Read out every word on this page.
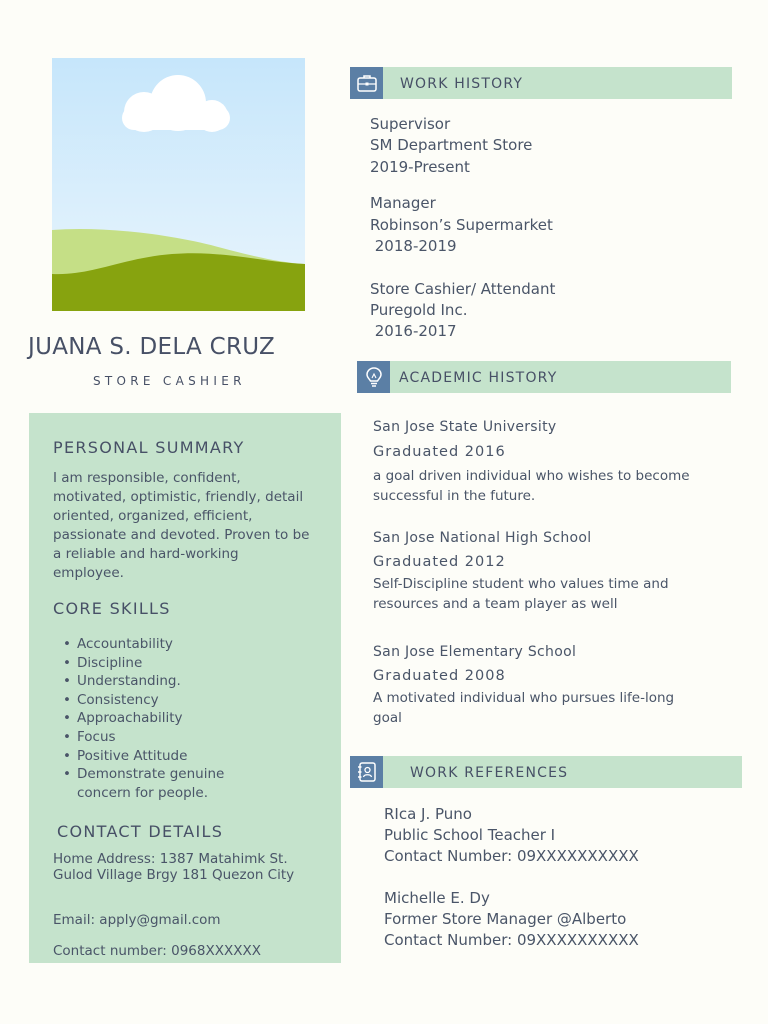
JUANA S. DELA CRUZ
STORE CASHIER
PERSONAL SUMMARY
I am responsible, confident, motivated, optimistic, friendly, detail oriented, organized, efficient, passionate and devoted. Proven to be a reliable and hard-working employee.
CORE SKILLS
• Accountability
• Discipline
• Understanding.
• Consistency
• Approachability
• Focus
• Positive Attitude
• Demonstrate genuine concern for people.
CONTACT DETAILS
Home Address: 1387 Matahimk St. Gulod Village Brgy 181 Quezon City
Email: apply@gmail.com
Contact number: 0968XXXXXX
WORK HISTORY
Supervisor
SM Department Store
2019-Present
Manager
Robinson’s Supermarket
2018-2019
Store Cashier/ Attendant
Puregold Inc.
2016-2017
ACADEMIC HISTORY
San Jose State University
Graduated 2016
a goal driven individual who wishes to become successful in the future.
San Jose National High School
Graduated 2012
Self-Discipline student who values time and resources and a team player as well
San Jose Elementary School
Graduated 2008
A motivated individual who pursues life-long goal
WORK REFERENCES
RIca J. Puno
Public School Teacher I
Contact Number: 09XXXXXXXXXX
Michelle E. Dy
Former Store Manager @Alberto
Contact Number: 09XXXXXXXXXX
